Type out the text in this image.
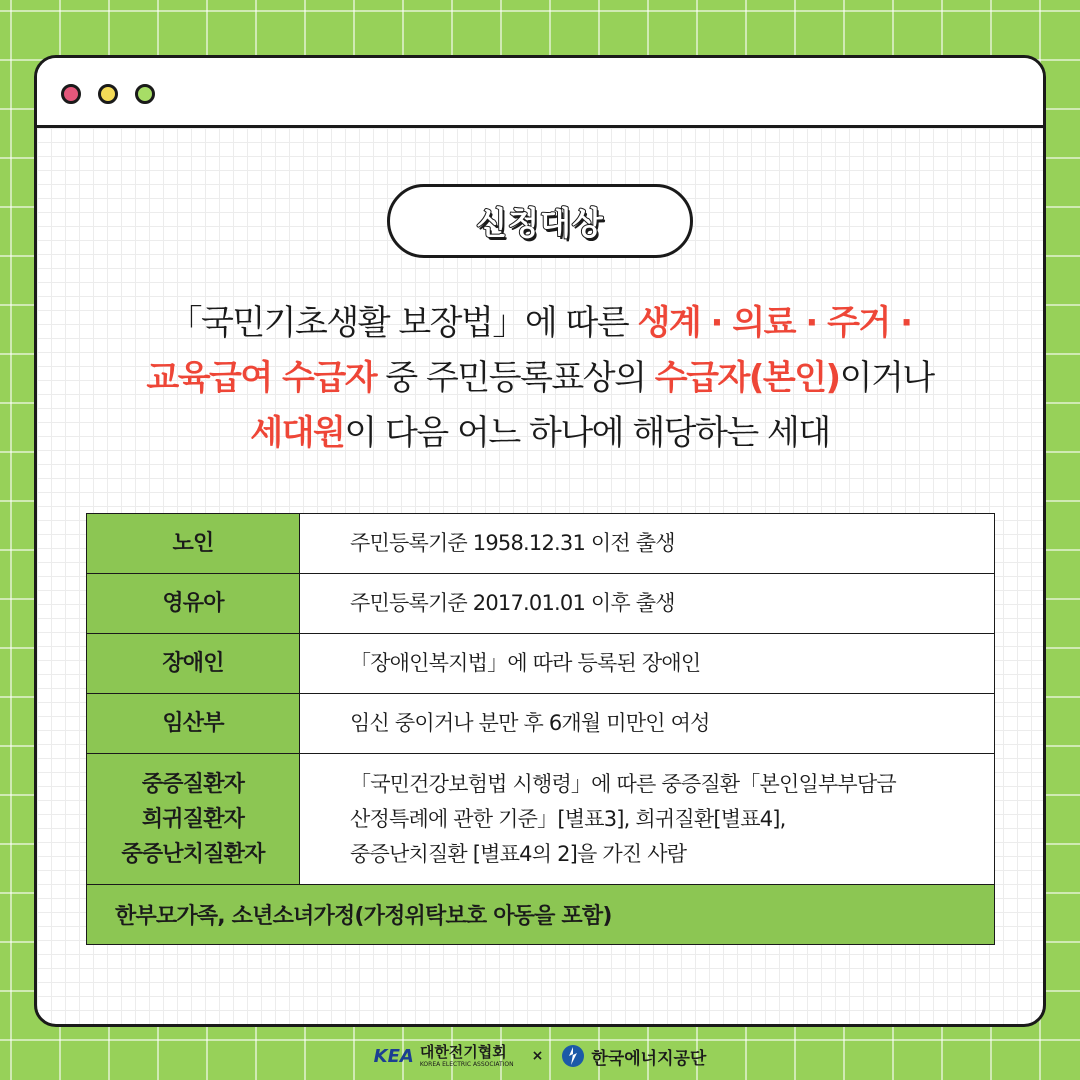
신청대상
「국민기초생활 보장법」에 따른 생계 · 의료 · 주거 ·
교육급여 수급자 중 주민등록표상의 수급자(본인)이거나
세대원이 다음 어느 하나에 해당하는 세대
노인	주민등록기준 1958.12.31 이전 출생
영유아	주민등록기준 2017.01.01 이후 출생
장애인	「장애인복지법」에 따라 등록된 장애인
임산부	임신 중이거나 분만 후 6개월 미만인 여성

중증질환자
희귀질환자
중증난치질환자	「국민건강보험법 시행령」에 따른 중증질환「본인일부부담금
산정특례에 관한 기준」[별표3], 희귀질환[별표4],
중증난치질환 [별표4의 2]을 가진 사람

한부모가족, 소년소녀가정(가정위탁보호 아동을 포함)	
KEA 대한전기협회
KOREA ELECTRIC ASSOCIATION ×	한국에너지공단
